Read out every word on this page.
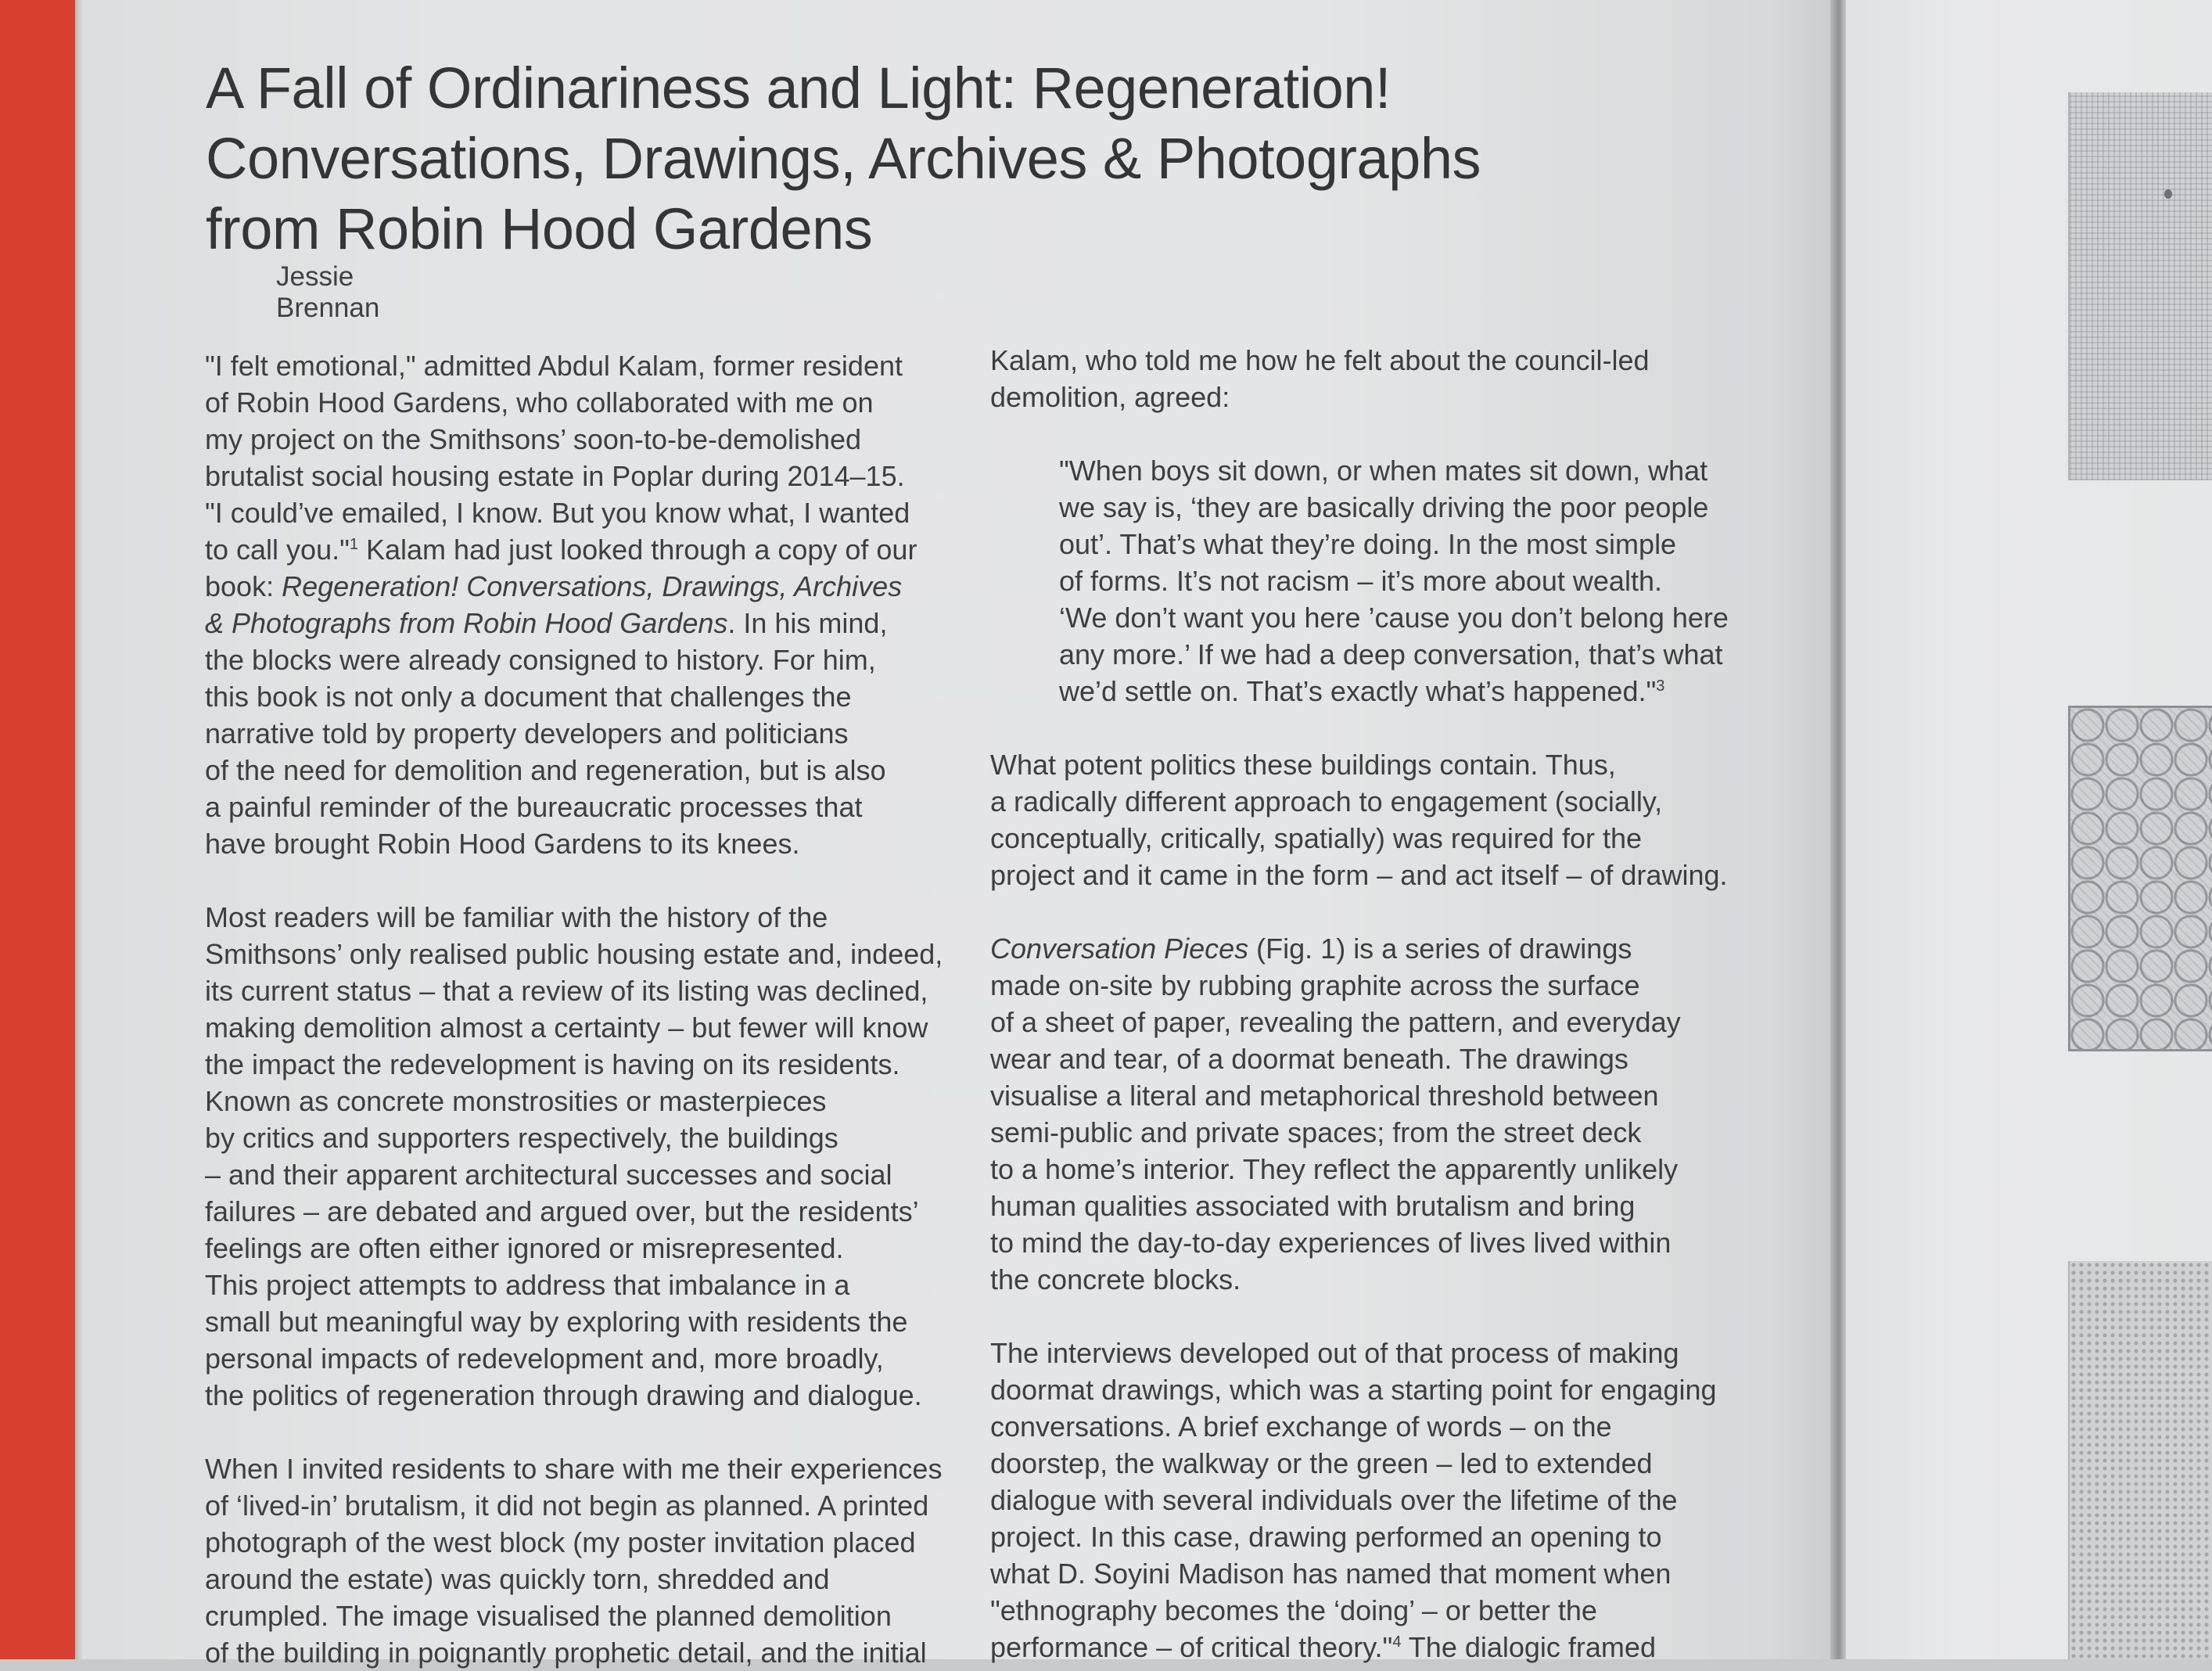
A Fall of Ordinariness and Light: Regeneration!
Conversations, Drawings, Archives & Photographs
from Robin Hood Gardens

Jessie Brennan

"I felt emotional," admitted Abdul Kalam, former resident
of Robin Hood Gardens, who collaborated with me on
my project on the Smithsons’ soon-to-be-demolished
brutalist social housing estate in Poplar during 2014–15.
"I could’ve emailed, I know. But you know what, I wanted
to call you."$^1$ Kalam had just looked through a copy of our
book: Regeneration! Conversations, Drawings, Archives
& Photographs from Robin Hood Gardens. In his mind,
the blocks were already consigned to history. For him,
this book is not only a document that challenges the
narrative told by property developers and politicians
of the need for demolition and regeneration, but is also
a painful reminder of the bureaucratic processes that
have brought Robin Hood Gardens to its knees.

Most readers will be familiar with the history of the
Smithsons’ only realised public housing estate and, indeed,
its current status – that a review of its listing was declined,
making demolition almost a certainty – but fewer will know
the impact the redevelopment is having on its residents.
Known as concrete monstrosities or masterpieces
by critics and supporters respectively, the buildings
– and their apparent architectural successes and social
failures – are debated and argued over, but the residents’
feelings are often either ignored or misrepresented.
This project attempts to address that imbalance in a
small but meaningful way by exploring with residents the
personal impacts of redevelopment and, more broadly,
the politics of regeneration through drawing and dialogue.

When I invited residents to share with me their experiences
of ‘lived-in’ brutalism, it did not begin as planned. A printed
photograph of the west block (my poster invitation placed
around the estate) was quickly torn, shredded and
crumpled. The image visualised the planned demolition
of the building in poignantly prophetic detail, and the initial

Kalam, who told me how he felt about the council-led
demolition, agreed:

"When boys sit down, or when mates sit down, what
we say is, ‘they are basically driving the poor people
out’. That’s what they’re doing. In the most simple
of forms. It’s not racism – it’s more about wealth.
‘We don’t want you here ’cause you don’t belong here
any more.’ If we had a deep conversation, that’s what
we’d settle on. That’s exactly what’s happened."$^3$

What potent politics these buildings contain. Thus,
a radically different approach to engagement (socially,
conceptually, critically, spatially) was required for the
project and it came in the form – and act itself – of drawing.

Conversation Pieces (Fig. 1) is a series of drawings
made on-site by rubbing graphite across the surface
of a sheet of paper, revealing the pattern, and everyday
wear and tear, of a doormat beneath. The drawings
visualise a literal and metaphorical threshold between
semi-public and private spaces; from the street deck
to a home’s interior. They reflect the apparently unlikely
human qualities associated with brutalism and bring
to mind the day-to-day experiences of lives lived within
the concrete blocks.

The interviews developed out of that process of making
doormat drawings, which was a starting point for engaging
conversations. A brief exchange of words – on the
doorstep, the walkway or the green – led to extended
dialogue with several individuals over the lifetime of the
project. In this case, drawing performed an opening to
what D. Soyini Madison has named that moment when
"ethnography becomes the ‘doing’ – or better the
performance – of critical theory."$^4$ The dialogic framed
